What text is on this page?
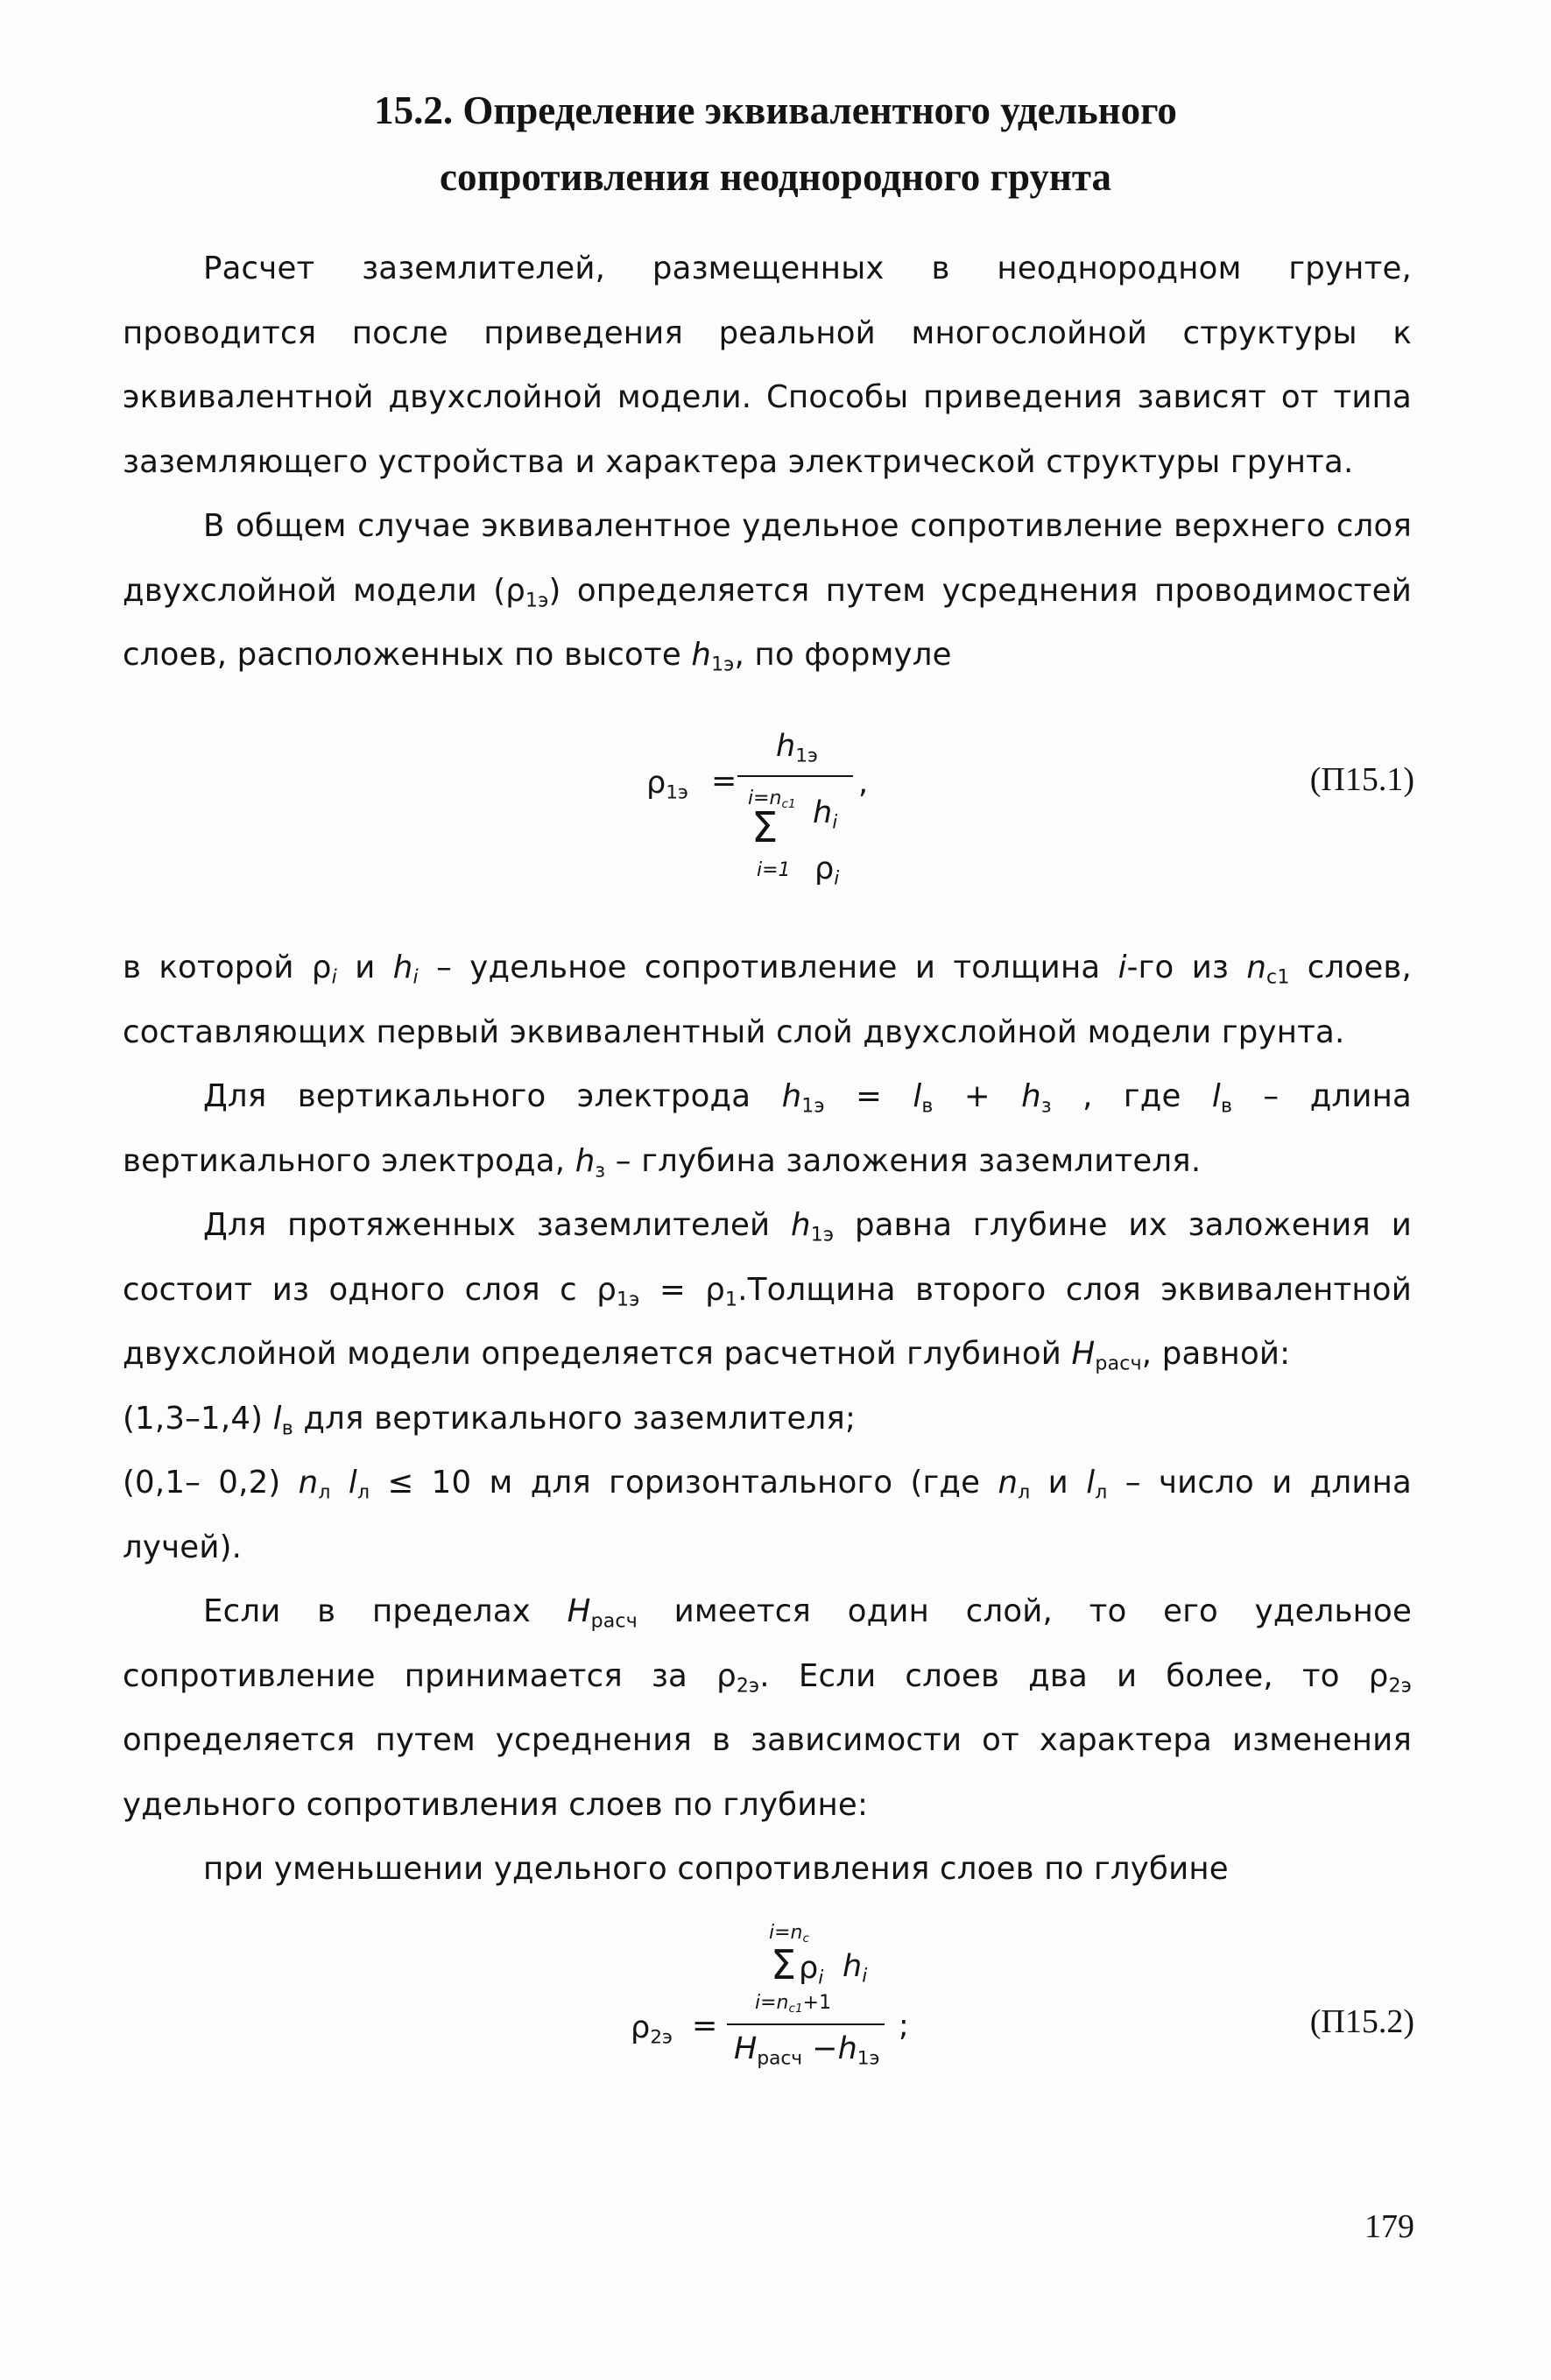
15.2. Определение эквивалентного удельного
сопротивления неоднородного грунта

Расчет заземлителей, размещенных в неоднородном грунте, проводится после приведения реальной многослойной структуры к эквивалентной двухслойной модели. Способы приведения зависят от типа заземляющего устройства и характера электрической структуры грунта.

В общем случае эквивалентное удельное сопротивление верхнего слоя двухслойной модели $(\rho_{1э})$ определяется путем усреднения проводимостей слоев, расположенных по высоте $h_{1э}$, по формуле

$\rho_{1э}$ =
$h_{1э}$
$i=n_{c1}$
Σ
i=1
$h_i$
$\rho_i$
,	(П15.1)

в которой $\rho_i$ и $h_i$ – удельное сопротивление и толщина i-го из $n_{c1}$ слоев, составляющих первый эквивалентный слой двухслойной модели грунта.

Для вертикального электрода $h_{1э} = l_в + h_з$ , где $l_в$ – длина вертикального электрода, $h_з$ – глубина заложения заземлителя.

Для протяженных заземлителей $h_{1э}$ равна глубине их заложения и состоит из одного слоя с $\rho_{1э}$ = $\rho_1.Толщина$ второго слоя эквивалентной двухслойной модели определяется расчетной глубиной $H_{расч}$, равной:

(1,3–1,4) $l_в$ для вертикального заземлителя;

(0,1– 0,2) $n_л$ $l_л \le 10$ м для горизонтального (где $n_л$ и $l_л$ – число и длина

лучей).

Если в пределах $H_{расч}$ имеется один слой, то его удельное сопротивление принимается за $\rho_{2э}$. Если слоев два и более, то $\rho_{2э}$ определяется путем усреднения в зависимости от характера изменения удельного сопротивления слоев по глубине:

при уменьшении удельного сопротивления слоев по глубине

$\rho_{2э}$ =
$i=n_c$
Σ $\rho_i$ $h_i$
$i=n_{c1}+1$
$H_{расч} -h_{1э}$
;	(П15.2)
179
